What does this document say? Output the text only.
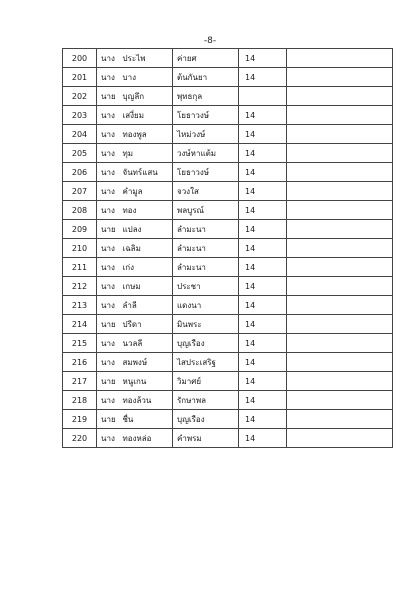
-8-
200	นาง	ประไพ	ค่ายศ	14	
201	นาง	บาง	ต้นกันยา	14	
202	นาย	บุญลึก	พุทธกุล		
203	นาง	เสงี่ยม	โยธาวงษ์	14	
204	นาง	ทองพูล	ไหม่วงษ์	14	
205	นาง	ทุม	วงษ์หาแต้ม	14	
206	นาง	จันทร์แสน	โยธาวงษ์	14	
207	นาง	คำมูล	จวงใส	14	
208	นาง	ทอง	พลบูรณ์	14	
209	นาย	แปลง	ลำมะนา	14	
210	นาง	เฉลิม	ลำมะนา	14	
211	นาง	เก่ง	ลำมะนา	14	
212	นาง	เกษม	ประชา	14	
213	นาง	ลำลี	แดงนา	14	
214	นาย	ปรีดา	มินพระ	14	
215	นาง	นวลลี	บุญเรือง	14	
216	นาง	สมพงษ์	ไสประเสริฐ	14	
217	นาย	หนูเกน	วิมาศย์	14	
218	นาง	ทองล้วน	รักษาพล	14	
219	นาย	ชื่น	บุญเรือง	14	
220	นาง	ทองหล่อ	คำพรม	14	
